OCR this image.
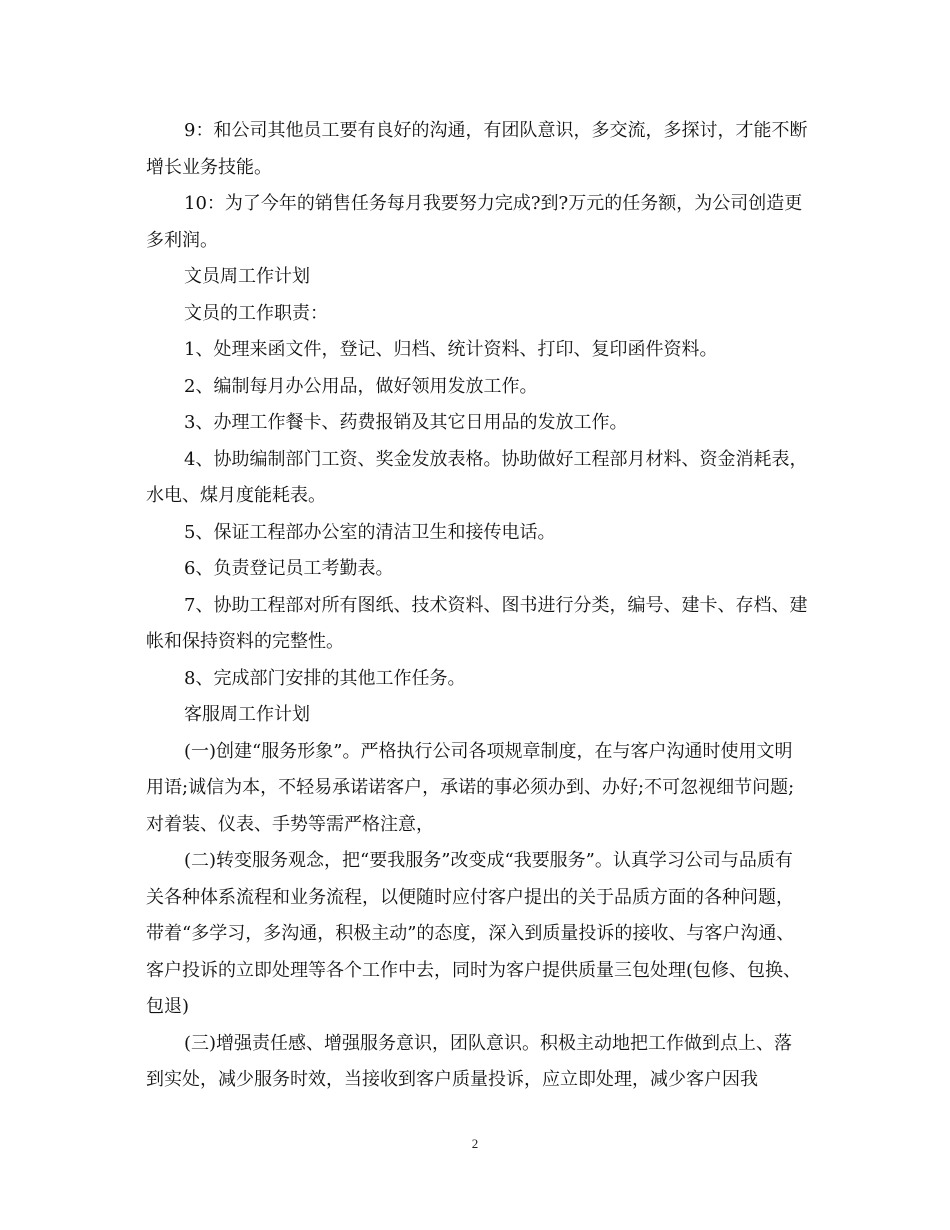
9：和公司其他员工要有良好的沟通，有团队意识，多交流，多探讨，才能不断增长业务技能。

10：为了今年的销售任务每月我要努力完成?到?万元的任务额，为公司创造更多利润。

文员周工作计划

文员的工作职责：

1、处理来函文件，登记、归档、统计资料、打印、复印函件资料。

2、编制每月办公用品，做好领用发放工作。

3、办理工作餐卡、药费报销及其它日用品的发放工作。

4、协助编制部门工资、奖金发放表格。协助做好工程部月材料、资金消耗表，水电、煤月度能耗表。

5、保证工程部办公室的清洁卫生和接传电话。

6、负责登记员工考勤表。

7、协助工程部对所有图纸、技术资料、图书进行分类，编号、建卡、存档、建帐和保持资料的完整性。

8、完成部门安排的其他工作任务。

客服周工作计划

(一)创建“服务形象”。严格执行公司各项规章制度，在与客户沟通时使用文明用语;诚信为本，不轻易承诺诺客户，承诺的事必须办到、办好;不可忽视细节问题;对着装、仪表、手势等需严格注意，

(二)转变服务观念，把“要我服务”改变成“我要服务”。认真学习公司与品质有关各种体系流程和业务流程，以便随时应付客户提出的关于品质方面的各种问题，带着“多学习，多沟通，积极主动”的态度，深入到质量投诉的接收、与客户沟通、客户投诉的立即处理等各个工作中去，同时为客户提供质量三包处理(包修、包换、包退)

(三)增强责任感、增强服务意识，团队意识。积极主动地把工作做到点上、落到实处，减少服务时效，当接收到客户质量投诉，应立即处理，减少客户因我

2
